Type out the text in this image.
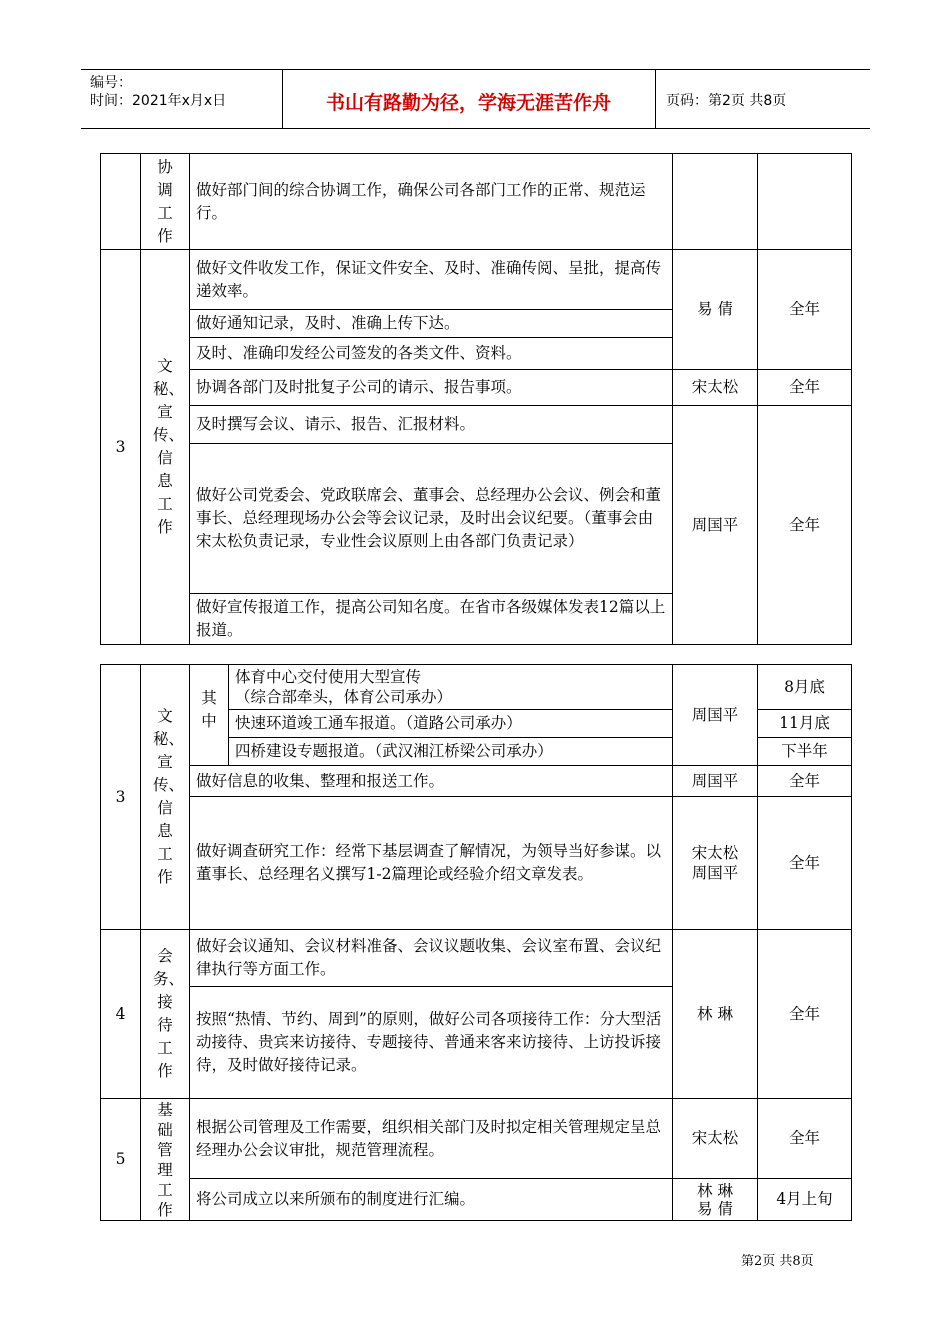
编号：
时间：2021年x月x日	书山有路勤为径，学海无涯苦作舟	页码：第2页 共8页
	协调工作	做好部门间的综合协调工作，确保公司各部门工作的正常、规范运行。		
3	文秘、宣传、信息工作	做好文件收发工作，保证文件安全、及时、准确传阅、呈批，提高传递效率。	易 倩	全年
		做好通知记录，及时、准确上传下达。		
		及时、准确印发经公司签发的各类文件、资料。		
		协调各部门及时批复子公司的请示、报告事项。	宋太松	全年
		及时撰写会议、请示、报告、汇报材料。	周国平	全年
		做好公司党委会、党政联席会、董事会、总经理办公会议、例会和董事长、总经理现场办公会等会议记录，及时出会议纪要。（董事会由宋太松负责记录，专业性会议原则上由各部门负责记录）		
		做好宣传报道工作，提高公司知名度。在省市各级媒体发表12篇以上报道。		
3	文秘、宣传、信息工作	其中	体育中心交付使用大型宣传
（综合部牵头，体育公司承办）	周国平	8月底
			快速环道竣工通车报道。（道路公司承办）		11月底
			四桥建设专题报道。（武汉湘江桥梁公司承办）		下半年
		做好信息的收集、整理和报送工作。		周国平	全年
		做好调查研究工作：经常下基层调查了解情况，为领导当好参谋。以董事长、总经理名义撰写1-2篇理论或经验介绍文章发表。		宋太松 周国平	全年
4	会务、接待工作	做好会议通知、会议材料准备、会议议题收集、会议室布置、会议纪律执行等方面工作。		林 琳	全年
		按照“热情、节约、周到”的原则，做好公司各项接待工作：分大型活动接待、贵宾来访接待、专题接待、普通来客来访接待、上访投诉接待，及时做好接待记录。			
5	基础管理工作	根据公司管理及工作需要，组织相关部门及时拟定相关管理规定呈总经理办公会议审批，规范管理流程。		宋太松	全年
		将公司成立以来所颁布的制度进行汇编。		林 琳 易 倩	4月上旬
第2页 共8页
